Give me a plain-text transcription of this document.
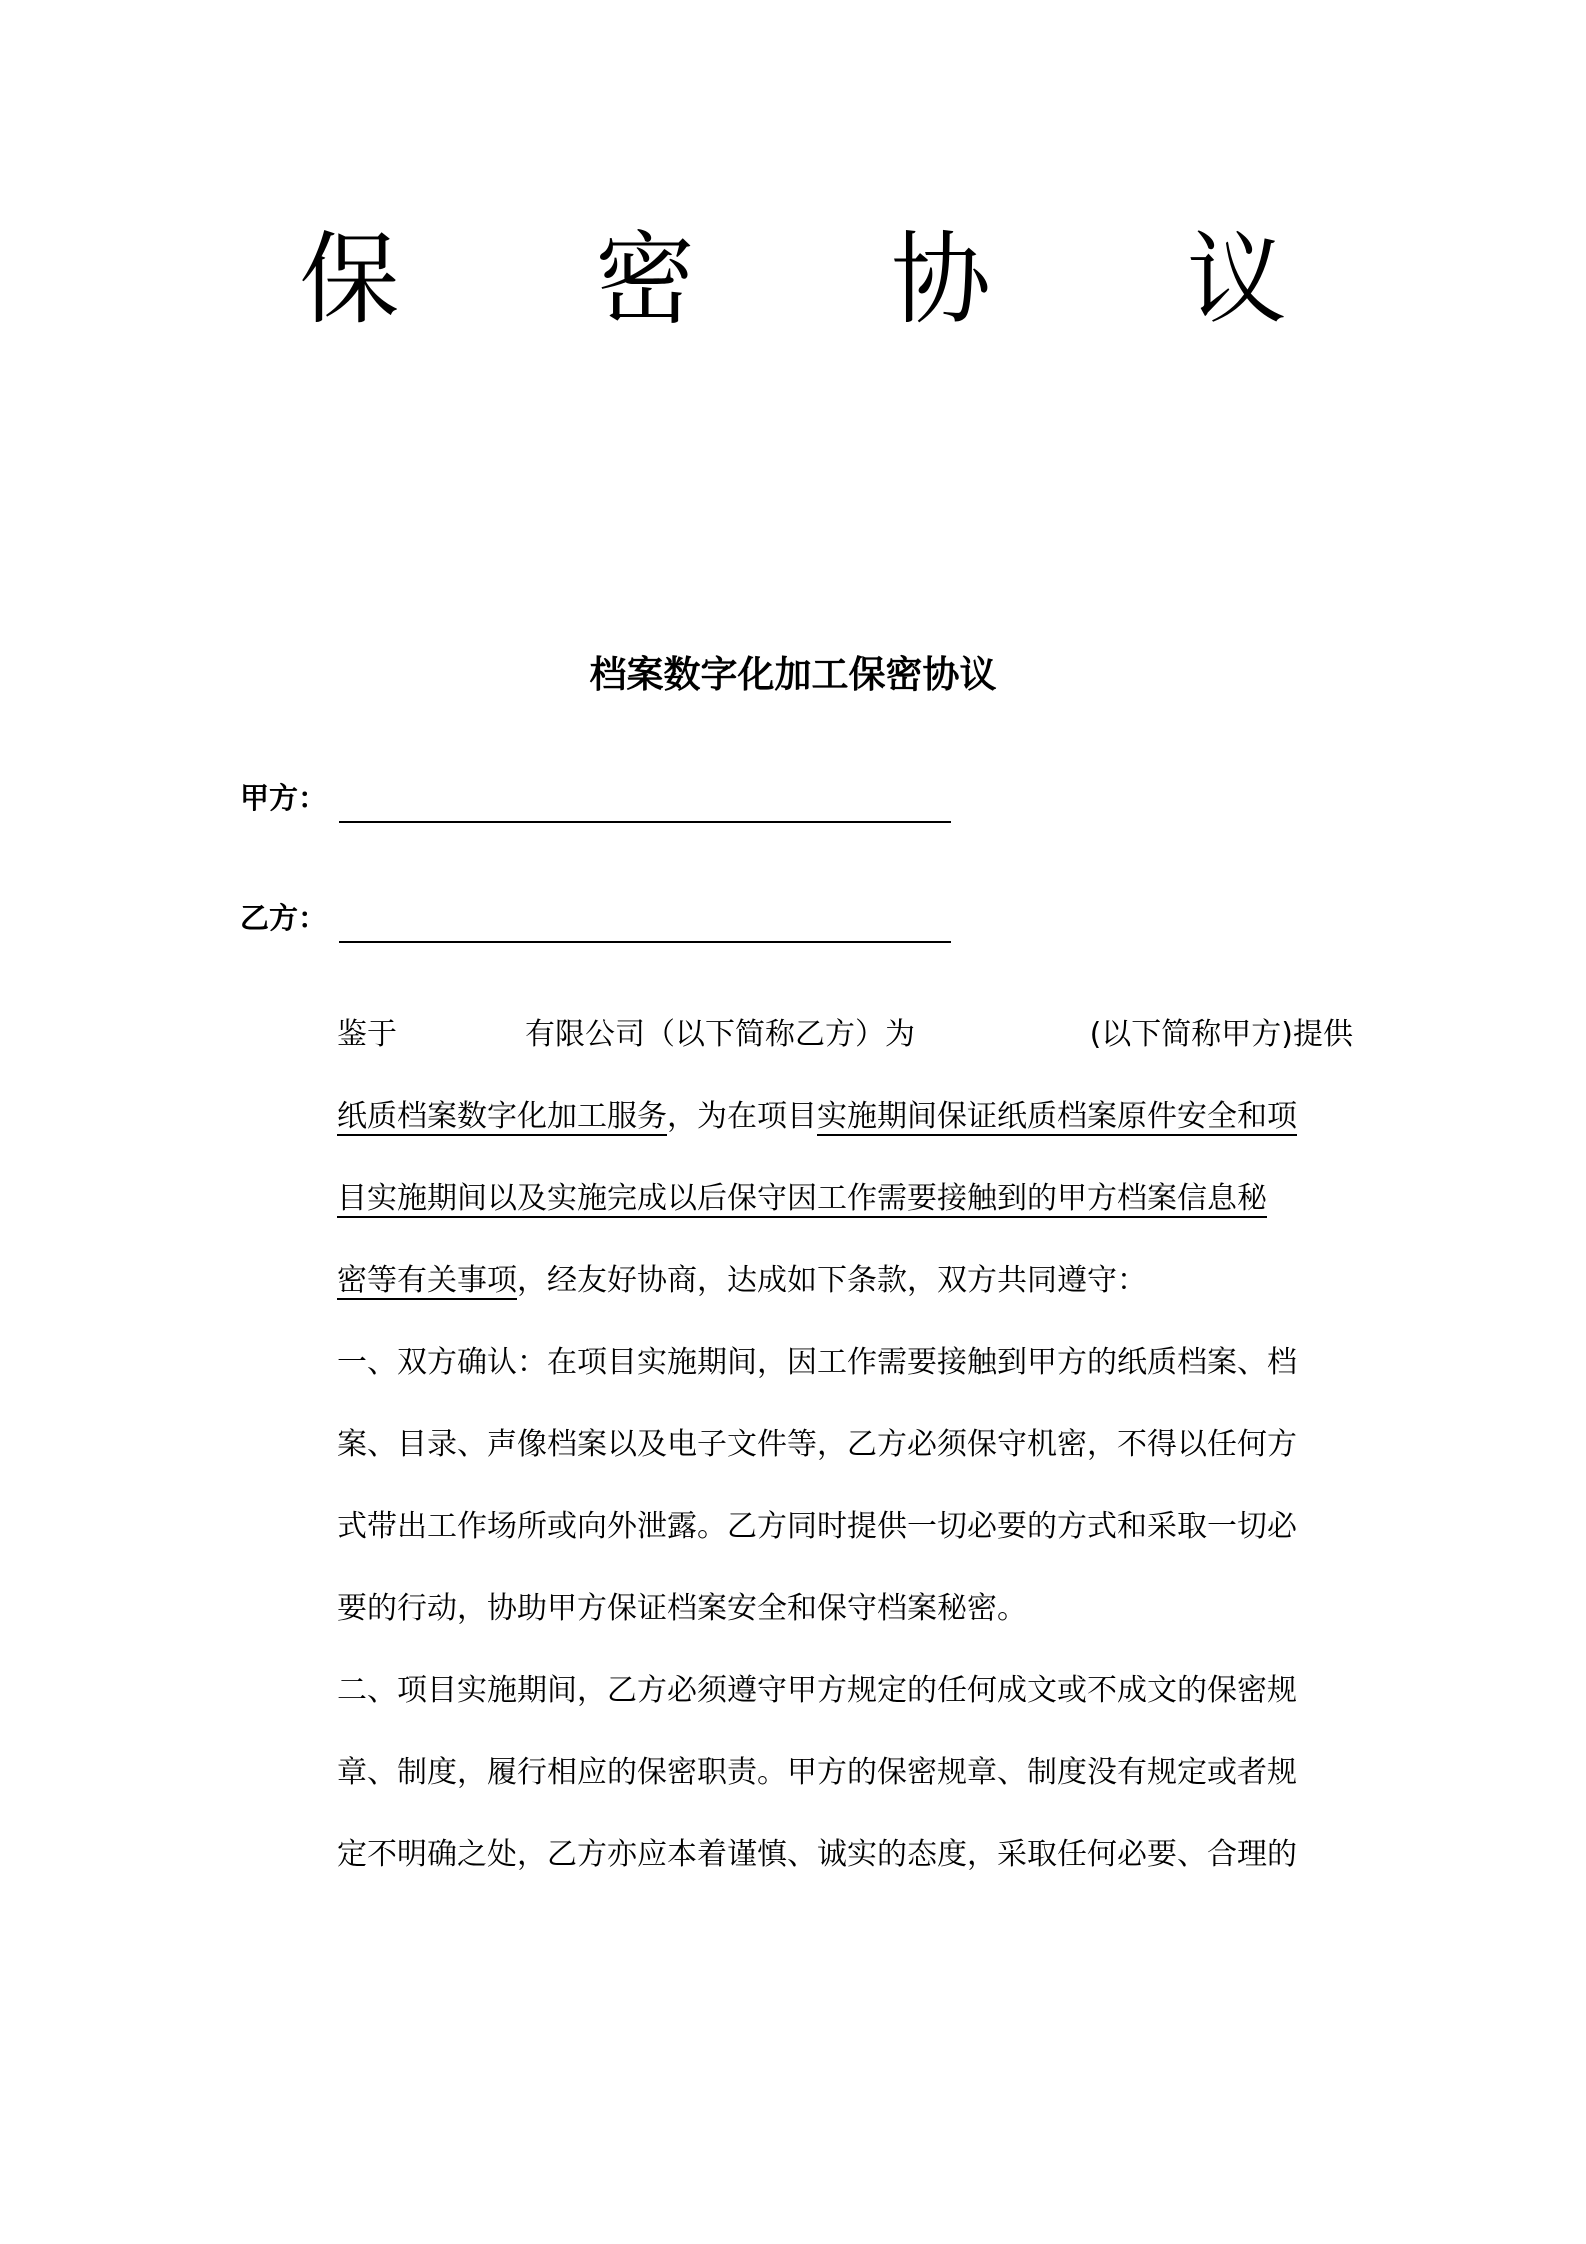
保 密 协 议
档案数字化加工保密协议
甲方：
乙方：
鉴于	有限公司（以下简称乙方）为	(以下简称甲方)提供
纸质档案数字化加工服务，为在项目实施期间保证纸质档案原件安全和项
目实施期间以及实施完成以后保守因工作需要接触到的甲方档案信息秘
密等有关事项，经友好协商，达成如下条款，双方共同遵守：
一、双方确认：在项目实施期间，因工作需要接触到甲方的纸质档案、档
案、目录、声像档案以及电子文件等，乙方必须保守机密，不得以任何方
式带出工作场所或向外泄露。乙方同时提供一切必要的方式和采取一切必
要的行动，协助甲方保证档案安全和保守档案秘密。
二、项目实施期间，乙方必须遵守甲方规定的任何成文或不成文的保密规
章、制度，履行相应的保密职责。甲方的保密规章、制度没有规定或者规
定不明确之处，乙方亦应本着谨慎、诚实的态度，采取任何必要、合理的
